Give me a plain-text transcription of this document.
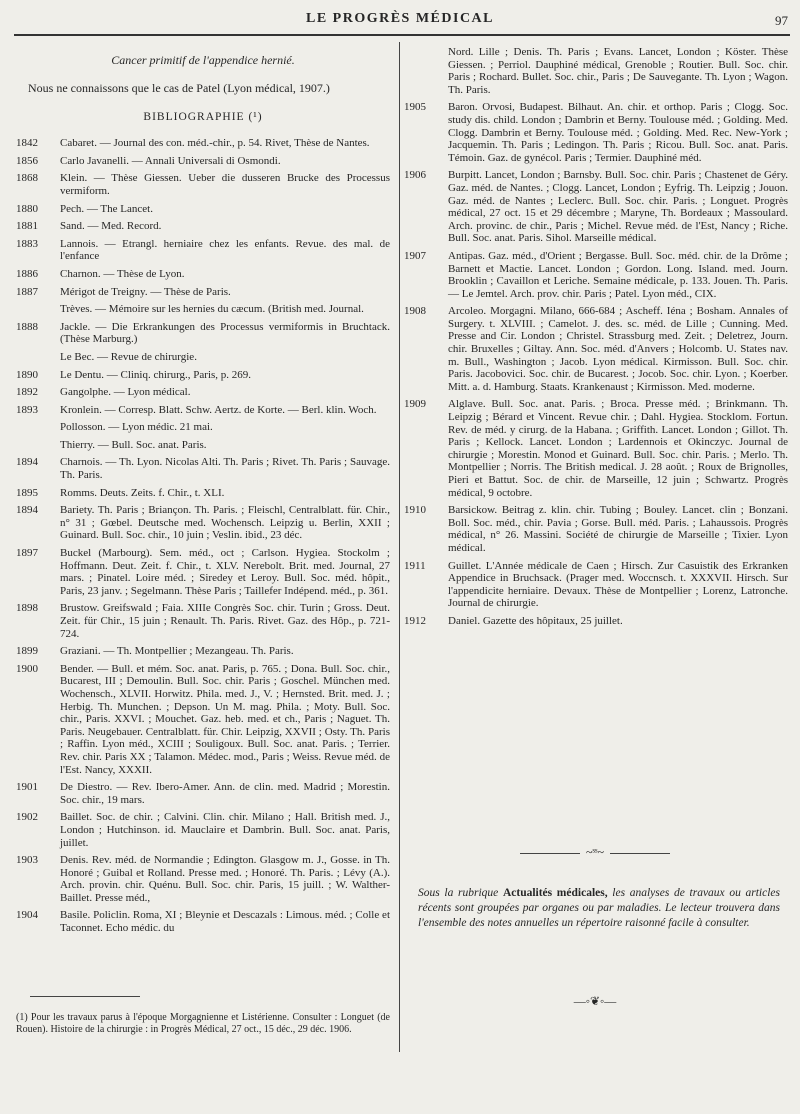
LE PROGRÈS MÉDICAL	97
Cancer primitif de l'appendice hernié.

Nous ne connaissons que le cas de Patel (Lyon médical, 1907.)

BIBLIOGRAPHIE (¹)
1842	Cabaret. — Journal des con. méd.-chir., p. 54. Rivet, Thèse de Nantes.
1856	Carlo Javanelli. — Annali Universali di Osmondi.
1868	Klein. — Thèse Giessen. Ueber die dusseren Brucke des Processus vermiform.
1880	Pech. — The Lancet.
1881	Sand. — Med. Record.
1883	Lannois. — Etrangl. herniaire chez les enfants. Revue. des mal. de l'enfance
1886	Charnon. — Thèse de Lyon.
1887	Mérigot de Treigny. — Thèse de Paris.
Trèves. — Mémoire sur les hernies du cæcum. (British med. Journal.
1888	Jackle. — Die Erkrankungen des Processus vermiformis in Bruchtack. (Thèse Marburg.)
Le Bec. — Revue de chirurgie.
1890	Le Dentu. — Cliniq. chirurg., Paris, p. 269.
1892	Gangolphe. — Lyon médical.
1893	Kronlein. — Corresp. Blatt. Schw. Aertz. de Korte. — Berl. klin. Woch.
Pollosson. — Lyon médic. 21 mai.
Thierry. — Bull. Soc. anat. Paris.
1894	Charnois. — Th. Lyon. Nicolas Alti. Th. Paris ; Rivet. Th. Paris ; Sauvage. Th. Paris.
1895	Romms. Deuts. Zeits. f. Chir., t. XLI.
1894	Bariety. Th. Paris ; Briançon. Th. Paris. ; Fleischl, Centralblatt. für. Chir., n° 31 ; Gœbel. Deutsche med. Wochensch. Leipzig u. Berlin, XXII ; Guinard. Bull. Soc. chir., 10 juin ; Veslin. ibid., 23 déc.
1897	Buckel (Marbourg). Sem. méd., oct ; Carlson. Hygiea. Stockolm ; Hoffmann. Deut. Zeit. f. Chir., t. XLV. Nerebolt. Brit. med. Journal, 27 mars. ; Pinatel. Loire méd. ; Siredey et Leroy. Bull. Soc. méd. hôpit., Paris, 23 janv. ; Segelmann. Thèse Paris ; Taillefer Indépend. méd., p. 361.
1898	Brustow. Greifswald ; Faia. XIIIe Congrès Soc. chir. Turin ; Gross. Deut. Zeit. für Chir., 15 juin ; Renault. Th. Paris. Rivet. Gaz. des Hôp., p. 721-724.
1899	Graziani. — Th. Montpellier ; Mezangeau. Th. Paris.
1900	Bender. — Bull. et mém. Soc. anat. Paris, p. 765. ; Dona. Bull. Soc. chir., Bucarest, III ; Demoulin. Bull. Soc. chir. Paris ; Goschel. München med. Wochensch., XLVII. Horwitz. Phila. med. J., V. ; Hernsted. Brit. med. J. ; Herbig. Th. Munchen. ; Depson. Un M. mag. Phila. ; Moty. Bull. Soc. chir., Paris. XXVI. ; Mouchet. Gaz. heb. med. et ch., Paris ; Naguet. Th. Paris. Neugebauer. Centralblatt. für. Chir. Leipzig, XXVII ; Osty. Th. Paris ; Raffin. Lyon méd., XCIII ; Souligoux. Bull. Soc. anat. Paris. ; Terrier. Rev. chir. Paris XX ; Talamon. Médec. mod., Paris ; Weiss. Revue méd. de l'Est. Nancy, XXXII.
1901	De Diestro. — Rev. Ibero-Amer. Ann. de clin. med. Madrid ; Morestin. Soc. chir., 19 mars.
1902	Baillet. Soc. de chir. ; Calvini. Clin. chir. Milano ; Hall. British med. J., London ; Hutchinson. id. Mauclaire et Dambrin. Bull. Soc. anat. Paris, juillet.
1903	Denis. Rev. méd. de Normandie ; Edington. Glasgow m. J., Gosse. in Th. Honoré ; Guibal et Rolland. Presse med. ; Honoré. Th. Paris. ; Lévy (A.). Arch. provin. chir. Quénu. Bull. Soc. chir. Paris, 15 juill. ; W. Walther-Baillet. Presse méd.,
1904	Basile. Policlin. Roma, XI ; Bleynie et Descazals : Limous. méd. ; Colle et Taconnet. Echo médic. du
Nord. Lille ; Denis. Th. Paris ; Evans. Lancet, London ; Köster. Thèse Giessen. ; Perriol. Dauphiné médical, Grenoble ; Routier. Bull. Soc. chir. Paris ; Rochard. Bullet. Soc. chir., Paris ; De Sauvegante. Th. Lyon ; Wagon. Th. Paris.
1905	Baron. Orvosi, Budapest. Bilhaut. An. chir. et orthop. Paris ; Clogg. Soc. study dis. child. London ; Dambrin et Berny. Toulouse méd. ; Golding. Med. Clogg. Dambrin et Berny. Toulouse méd. ; Golding. Med. Rec. New-York ; Jacquemin. Th. Paris ; Ledingon. Th. Paris ; Ricou. Bull. Soc. anat. Paris. Témoin. Gaz. de gynécol. Paris ; Termier. Dauphiné méd.
1906	Burpitt. Lancet, London ; Barnsby. Bull. Soc. chir. Paris ; Chastenet de Géry. Gaz. méd. de Nantes. ; Clogg. Lancet, London ; Eyfrig. Th. Leipzig ; Jouon. Gaz. méd. de Nantes ; Leclerc. Bull. Soc. chir. Paris. ; Longuet. Progrès médical, 27 oct. 15 et 29 décembre ; Maryne, Th. Bordeaux ; Massoulard. Arch. provinc. de chir., Paris ; Michel. Revue méd. de l'Est, Nancy ; Riche. Bull. Soc. anat. Paris. Sihol. Marseille médical.
1907	Antipas. Gaz. méd., d'Orient ; Bergasse. Bull. Soc. méd. chir. de la Drôme ; Barnett et Mactie. Lancet. London ; Gordon. Long. Island. med. Journ. Brooklin ; Cavaillon et Leriche. Semaine médicale, p. 133. Jouen. Th. Paris. — Le Jemtel. Arch. prov. chir. Paris ; Patel. Lyon méd., CIX.
1908	Arcoleo. Morgagni. Milano, 666-684 ; Ascheff. Iéna ; Bosham. Annales of Surgery. t. XLVIII. ; Camelot. J. des. sc. méd. de Lille ; Cunning. Med. Presse and Cir. London ; Christel. Strassburg med. Zeit. ; Deletrez, Journ. chir. Bruxelles ; Giltay. Ann. Soc. méd. d'Anvers ; Holcomb. U. States nav. m. Bull., Washington ; Jacob. Lyon médical. Kirmisson. Bull. Soc. chir. Paris. Jacobovici. Soc. chir. de Bucarest. ; Jocob. Soc. chir. Lyon. ; Koerber. Mitt. a. d. Hamburg. Staats. Krankenaust ; Kirmisson. Med. moderne.
1909	Alglave. Bull. Soc. anat. Paris. ; Broca. Presse méd. ; Brinkmann. Th. Leipzig ; Bérard et Vincent. Revue chir. ; Dahl. Hygiea. Stocklom. Fortun. Rev. de méd. y cirurg. de la Habana. ; Griffith. Lancet. London ; Gillot. Th. Paris ; Kellock. Lancet. London ; Lardennois et Okinczyc. Journal de chirurgie ; Morestin. Monod et Guinard. Bull. Soc. chir. Paris. ; Merlo. Th. Montpellier ; Norris. The British medical. J. 28 août. ; Roux de Brignolles, Pieri et Battut. Soc. de chir. de Marseille, 12 juin ; Schwartz. Progrès médical, 9 octobre.
1910	Barsickow. Beitrag z. klin. chir. Tubing ; Bouley. Lancet. clin ; Bonzani. Boll. Soc. méd., chir. Pavia ; Gorse. Bull. méd. Paris. ; Lahaussois. Progrès médical, n° 26. Massini. Société de chirurgie de Marseille ; Tixier. Lyon médical.
1911	Guillet. L'Année médicale de Caen ; Hirsch. Zur Casuistik des Erkranken Appendice in Bruchsack. (Prager med. Woccnsch. t. XXXVII. Hirsch. Sur l'appendicite herniaire. Devaux. Thèse de Montpellier ; Lorenz, Latronche. Journal de chirurgie.
1912	Daniel. Gazette des hôpitaux, 25 juillet.
(1) Pour les travaux parus à l'époque Morgagnienne et Listérienne. Consulter : Longuet (de Rouen). Histoire de la chirurgie : in Progrès Médical, 27 oct., 15 déc., 29 déc. 1906.
~ˢˢ~
Sous la rubrique Actualités médicales, les analyses de travaux ou articles récents sont groupées par organes ou par maladies. Le lecteur trouvera dans l'ensemble des notes annuelles un répertoire raisonné facile à consulter.
—◦❦◦—
